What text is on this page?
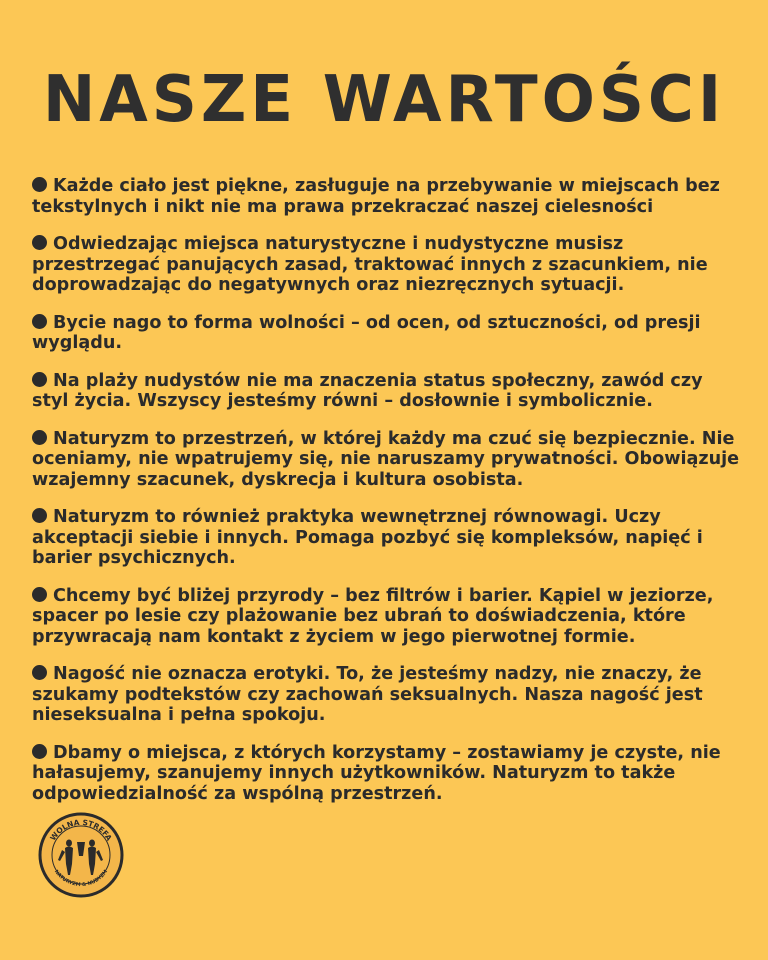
NASZE WARTOŚCI

Każde ciało jest piękne, zasługuje na przebywanie w miejscach bez tekstylnych i nikt nie ma prawa przekraczać naszej cielesności

Odwiedzając miejsca naturystyczne i nudystyczne musisz przestrzegać panujących zasad, traktować innych z szacunkiem, nie doprowadzając do negatywnych oraz niezręcznych sytuacji.

Bycie nago to forma wolności – od ocen, od sztuczności, od presji wyglądu.

Na plaży nudystów nie ma znaczenia status społeczny, zawód czy styl życia. Wszyscy jesteśmy równi – dosłownie i symbolicznie.

Naturyzm to przestrzeń, w której każdy ma czuć się bezpiecznie. Nie oceniamy, nie wpatrujemy się, nie naruszamy prywatności. Obowiązuje wzajemny szacunek, dyskrecja i kultura osobista.

Naturyzm to również praktyka wewnętrznej równowagi. Uczy akceptacji siebie i innych. Pomaga pozbyć się kompleksów, napięć i barier psychicznych.

Chcemy być bliżej przyrody – bez filtrów i barier. Kąpiel w jeziorze, spacer po lesie czy plażowanie bez ubrań to doświadczenia, które przywracają nam kontakt z życiem w jego pierwotnej formie.

Nagość nie oznacza erotyki. To, że jesteśmy nadzy, nie znaczy, że szukamy podtekstów czy zachowań seksualnych. Nasza nagość jest nieseksualna i pełna spokoju.

Dbamy o miejsca, z których korzystamy – zostawiamy je czyste, nie hałasujemy, szanujemy innych użytkowników. Naturyzm to także odpowiedzialność za wspólną przestrzeń.

WOLNA STREFA
NATURYZM & NUDYZM
